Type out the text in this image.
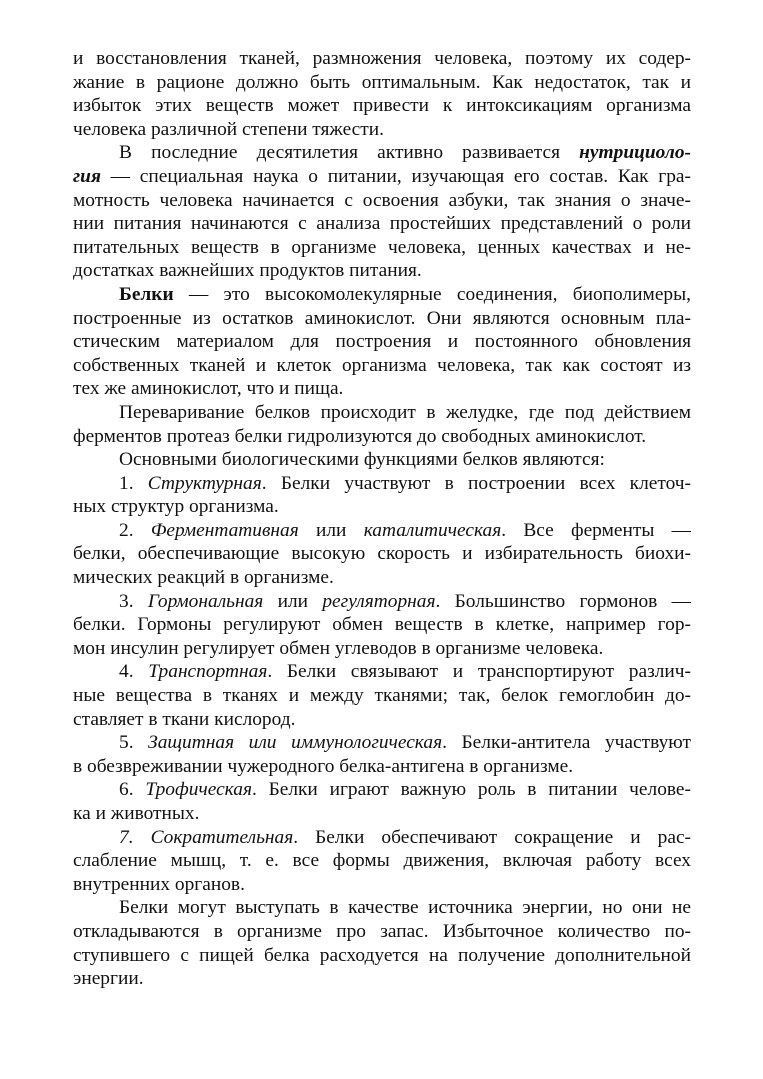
и восстановления тканей, размножения человека, поэтому их содер-
жание в рационе должно быть оптимальным. Как недостаток, так и
избыток этих веществ может привести к интоксикациям организма
человека различной степени тяжести.
В последние десятилетия активно развивается нутрициоло-
гия — специальная наука о питании, изучающая его состав. Как гра-
мотность человека начинается с освоения азбуки, так знания о значе-
нии питания начинаются с анализа простейших представлений о роли
питательных веществ в организме человека, ценных качествах и не-
достатках важнейших продуктов питания.
Белки — это высокомолекулярные соединения, биополимеры,
построенные из остатков аминокислот. Они являются основным пла-
стическим материалом для построения и постоянного обновления
собственных тканей и клеток организма человека, так как состоят из
тех же аминокислот, что и пища.
Переваривание белков происходит в желудке, где под действием
ферментов протеаз белки гидролизуются до свободных аминокислот.
Основными биологическими функциями белков являются:
1. Структурная. Белки участвуют в построении всех клеточ-
ных структур организма.
2. Ферментативная или каталитическая. Все ферменты —
белки, обеспечивающие высокую скорость и избирательность биохи-
мических реакций в организме.
3. Гормональная или регуляторная. Большинство гормонов —
белки. Гормоны регулируют обмен веществ в клетке, например гор-
мон инсулин регулирует обмен углеводов в организме человека.
4. Транспортная. Белки связывают и транспортируют различ-
ные вещества в тканях и между тканями; так, белок гемоглобин до-
ставляет в ткани кислород.
5. Защитная или иммунологическая. Белки-антитела участвуют
в обезвреживании чужеродного белка-антигена в организме.
6. Трофическая. Белки играют важную роль в питании челове-
ка и животных.
7. Сократительная. Белки обеспечивают сокращение и рас-
слабление мышц, т. е. все формы движения, включая работу всех
внутренних органов.
Белки могут выступать в качестве источника энергии, но они не
откладываются в организме про запас. Избыточное количество по-
ступившего с пищей белка расходуется на получение дополнительной
энергии.
